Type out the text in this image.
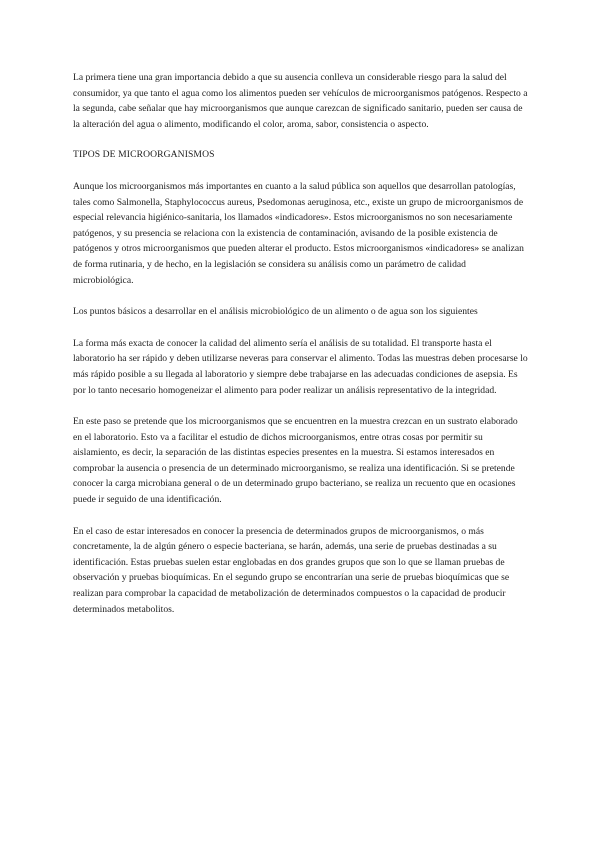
La primera tiene una gran importancia debido a que su ausencia conlleva un considerable riesgo para la salud del consumidor, ya que tanto el agua como los alimentos pueden ser vehículos de microorganismos patógenos. Respecto a la segunda, cabe señalar que hay microorganismos que aunque carezcan de significado sanitario, pueden ser causa de la alteración del agua o alimento, modificando el color, aroma, sabor, consistencia o aspecto.

TIPOS DE MICROORGANISMOS

Aunque los microorganismos más importantes en cuanto a la salud pública son aquellos que desarrollan patologías, tales como Salmonella, Staphylococcus aureus, Psedomonas aeruginosa, etc., existe un grupo de microorganismos de especial relevancia higiénico-sanitaria, los llamados «indicadores». Estos microorganismos no son necesariamente patógenos, y su presencia se relaciona con la existencia de contaminación, avisando de la posible existencia de patógenos y otros microorganismos que pueden alterar el producto. Estos microorganismos «indicadores» se analizan de forma rutinaria, y de hecho, en la legislación se considera su análisis como un parámetro de calidad microbiológica.

Los puntos básicos a desarrollar en el análisis microbiológico de un alimento o de agua son los siguientes

La forma más exacta de conocer la calidad del alimento sería el análisis de su totalidad. El transporte hasta el laboratorio ha ser rápido y deben utilizarse neveras para conservar el alimento. Todas las muestras deben procesarse lo más rápido posible a su llegada al laboratorio y siempre debe trabajarse en las adecuadas condiciones de asepsia. Es por lo tanto necesario homogeneizar el alimento para poder realizar un análisis representativo de la integridad.

En este paso se pretende que los microorganismos que se encuentren en la muestra crezcan en un sustrato elaborado en el laboratorio. Esto va a facilitar el estudio de dichos microorganismos, entre otras cosas por permitir su aislamiento, es decir, la separación de las distintas especies presentes en la muestra. Si estamos interesados en comprobar la ausencia o presencia de un determinado microorganismo, se realiza una identificación. Si se pretende conocer la carga microbiana general o de un determinado grupo bacteriano, se realiza un recuento que en ocasiones puede ir seguido de una identificación.

En el caso de estar interesados en conocer la presencia de determinados grupos de microorganismos, o más concretamente, la de algún género o especie bacteriana, se harán, además, una serie de pruebas destinadas a su identificación. Estas pruebas suelen estar englobadas en dos grandes grupos que son lo que se llaman pruebas de observación y pruebas bioquímicas. En el segundo grupo se encontrarían una serie de pruebas bioquímicas que se realizan para comprobar la capacidad de metabolización de determinados compuestos o la capacidad de producir determinados metabolitos.
